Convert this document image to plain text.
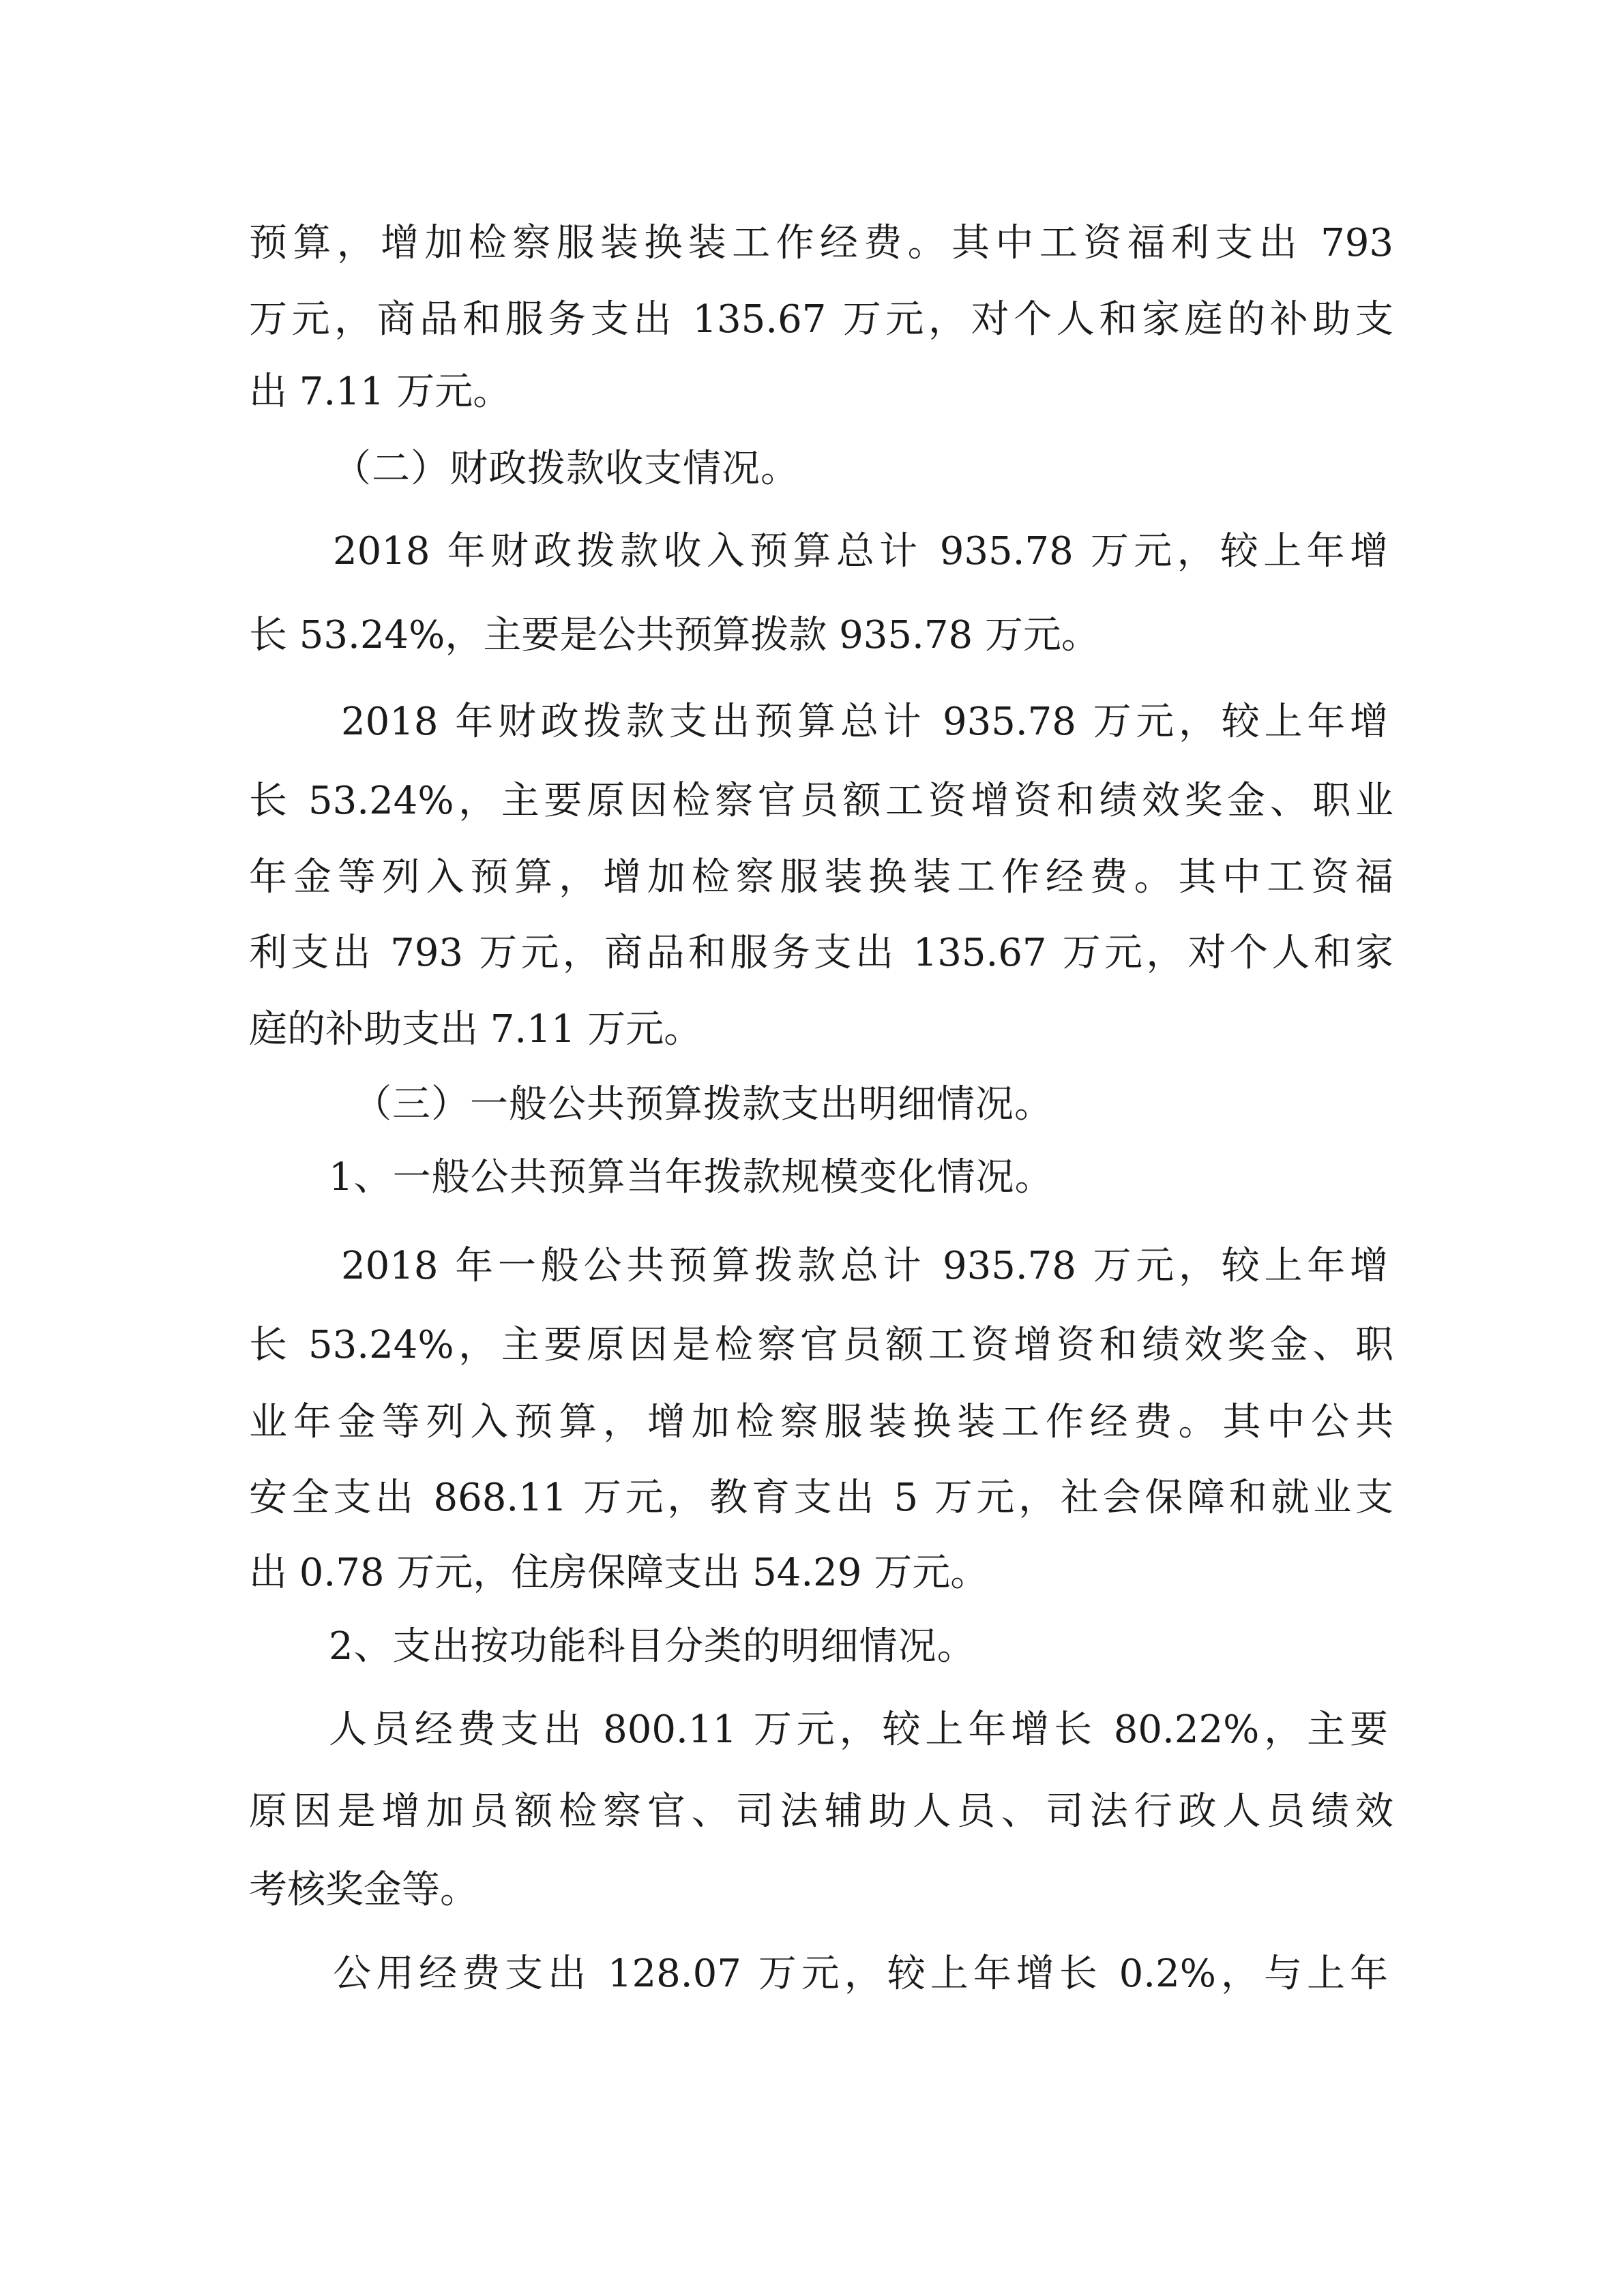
预算，增加检察服装换装工作经费。其中工资福利支出 793
万元，商品和服务支出 135.67 万元，对个人和家庭的补助支
出 7.11 万元。
（二）财政拨款收支情况。
2018 年财政拨款收入预算总计 935.78 万元，较上年增
长 53.24%，主要是公共预算拨款 935.78 万元。
2018 年财政拨款支出预算总计 935.78 万元，较上年增
长 53.24%，主要原因检察官员额工资增资和绩效奖金、职业
年金等列入预算，增加检察服装换装工作经费。其中工资福
利支出 793 万元，商品和服务支出 135.67 万元，对个人和家
庭的补助支出 7.11 万元。
（三）一般公共预算拨款支出明细情况。
1、一般公共预算当年拨款规模变化情况。
2018 年一般公共预算拨款总计 935.78 万元，较上年增
长 53.24%，主要原因是检察官员额工资增资和绩效奖金、职
业年金等列入预算，增加检察服装换装工作经费。其中公共
安全支出 868.11 万元，教育支出 5 万元，社会保障和就业支
出 0.78 万元，住房保障支出 54.29 万元。
2、支出按功能科目分类的明细情况。
人员经费支出 800.11 万元，较上年增长 80.22%，主要
原因是增加员额检察官、司法辅助人员、司法行政人员绩效
考核奖金等。
公用经费支出 128.07 万元，较上年增长 0.2%，与上年
